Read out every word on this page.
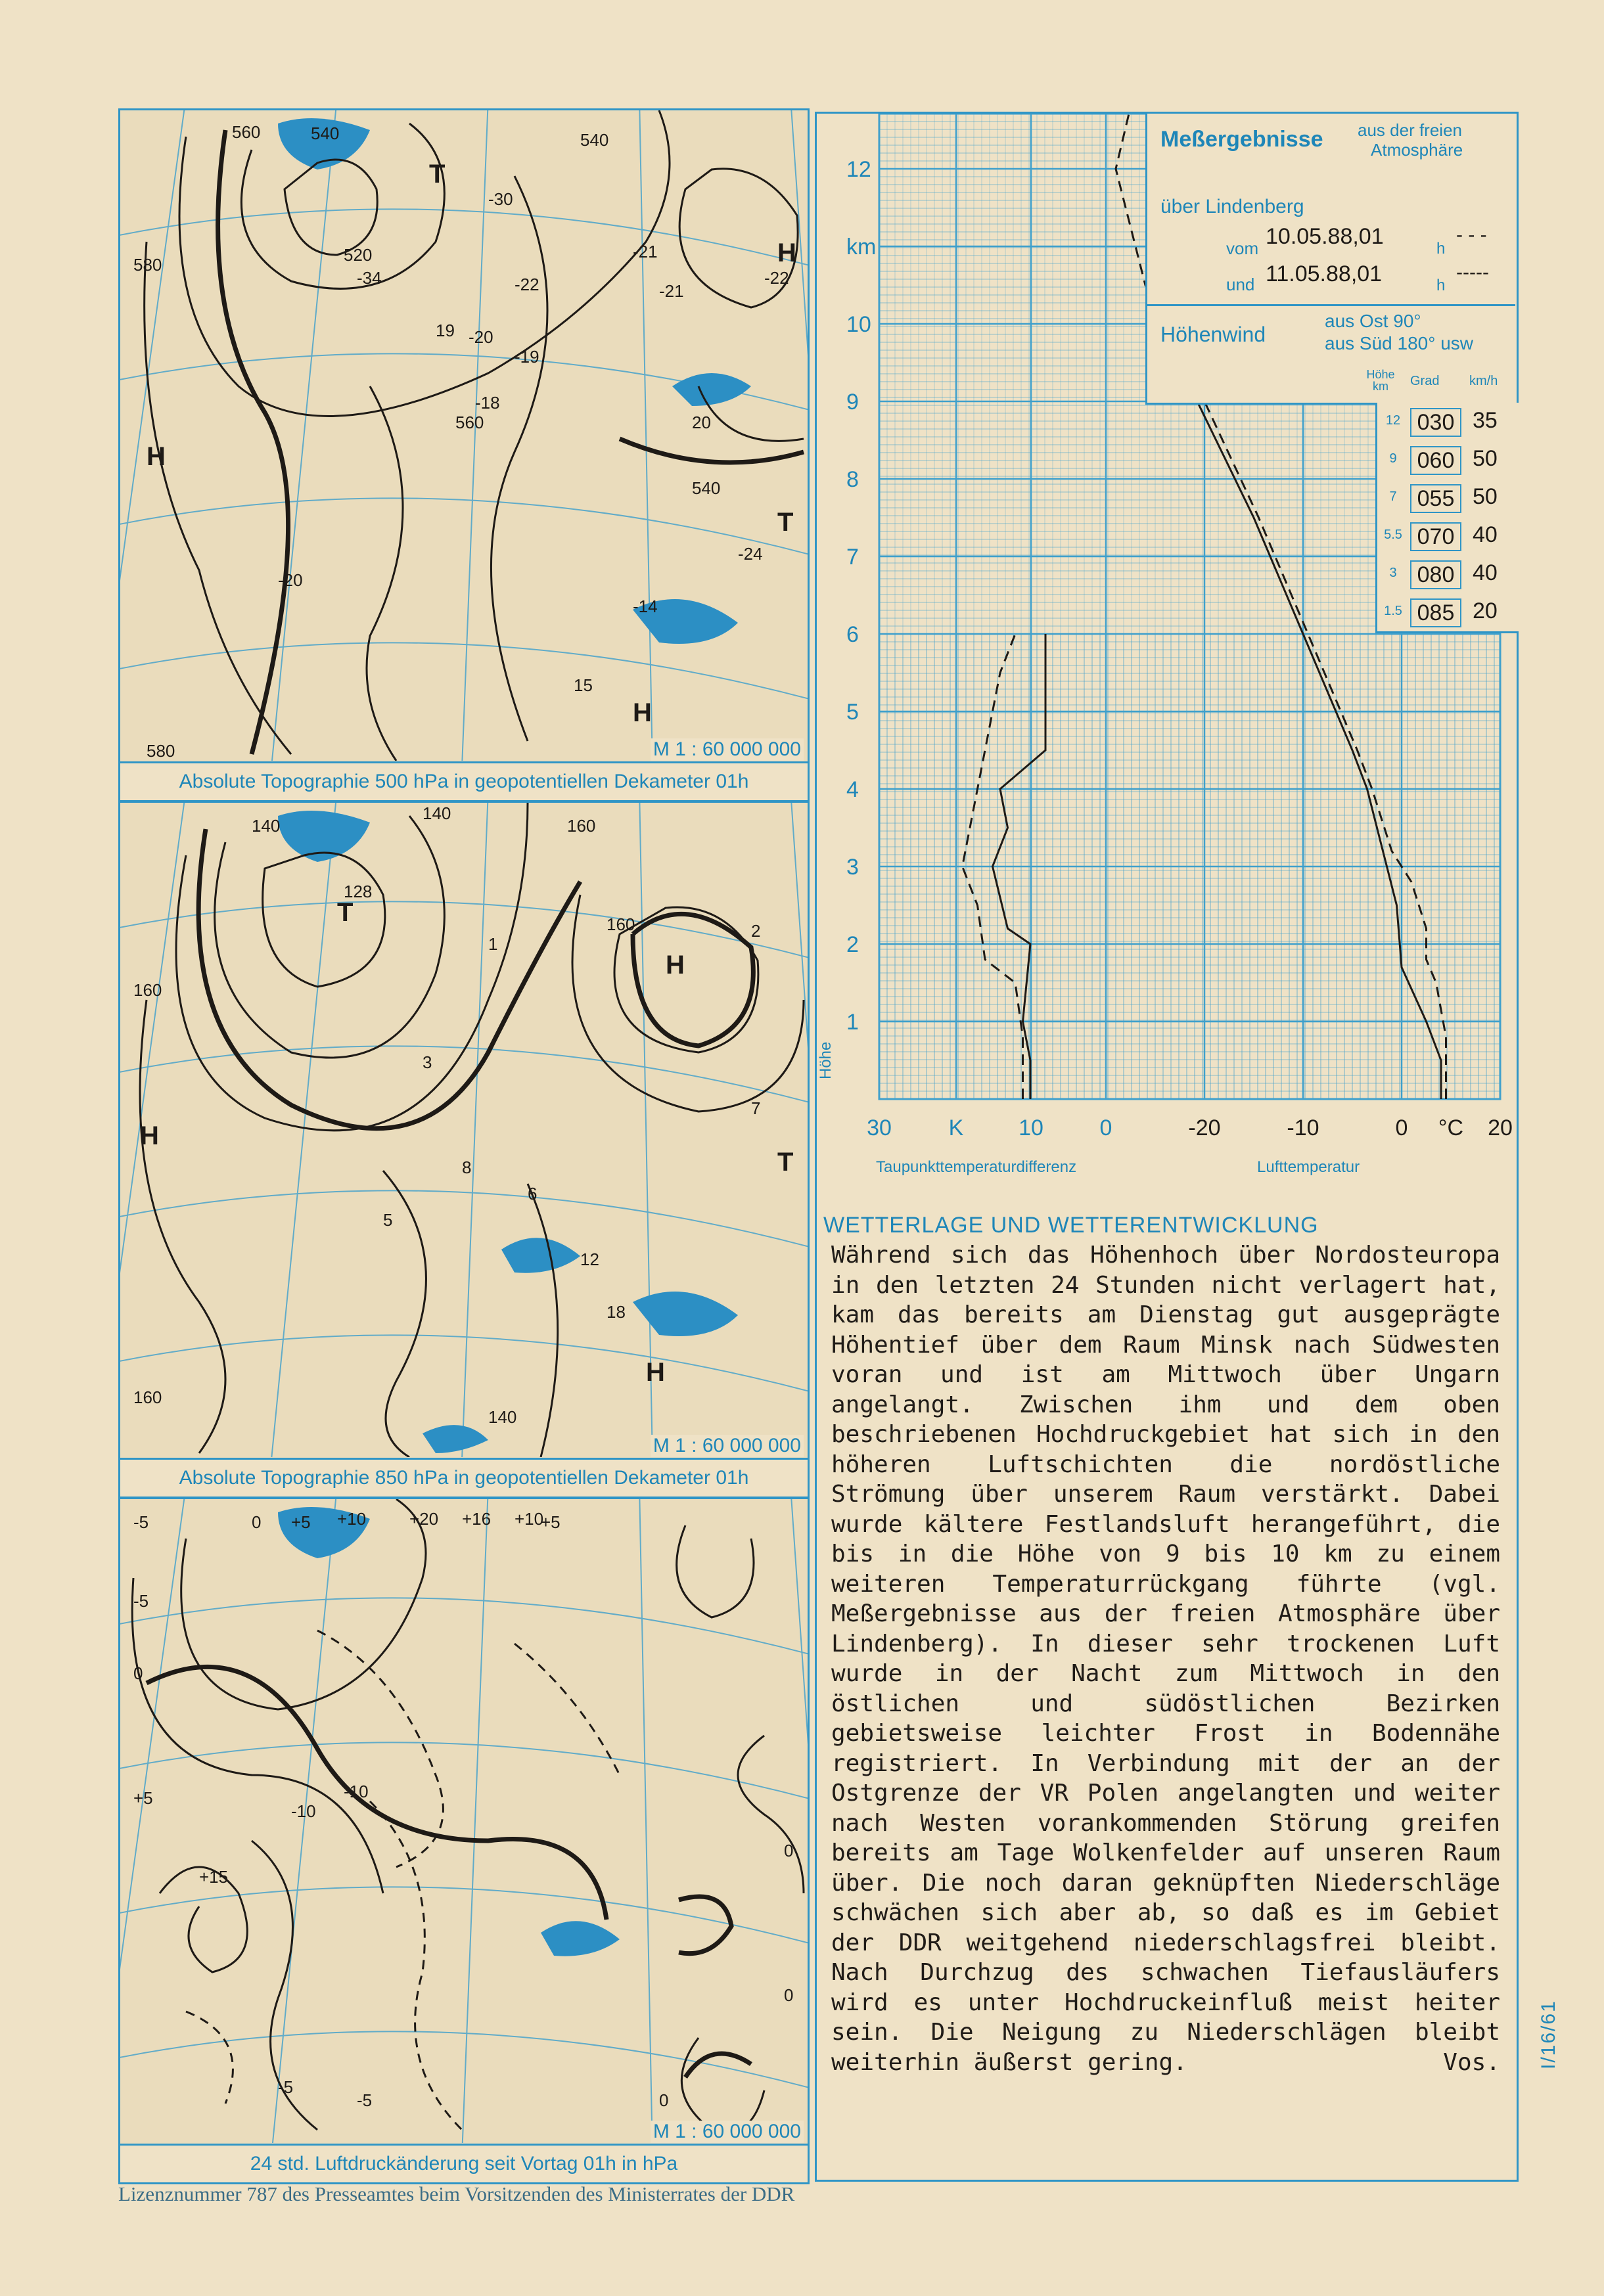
560	540	540
520
580
580
560
540
-30
-22
-20
-21
-19
-18
-22
-20
-24
-14
-34
-21
19
20
15
T
H
H
T
H
M 1 : 60 000 000
Absolute Topographie 500 hPa in geopotentiellen Dekameter 01h
140	160
128
140
160
160
160
140
1
3
5
8
6
12
18
2
7
T
H
H
T
H
M 1 : 60 000 000
Absolute Topographie 850 hPa in geopotentiellen Dekameter 01h
-5	0 +5 +10	+20 +16 +10
+5
-5
0
-10
+5
+15
-10
-5
-5	0
0
0
M 1 : 60 000 000
24 std. Luftdruckänderung seit Vortag 01h in hPa
12
km
10
9
8
7
6
5
4
3
2
1
30	K 10	0	-20	-10	0 °C 20
Meßergebnisse aus der freien
Atmosphäre
über Lindenberg
vom 10.05.88,01	h
- - -
und 11.05.88,01	h
-----
Höhenwind
aus Ost 90°
aus Süd 180° usw
Höhe km	Grad km/h
12 030 35
9 060 50
7 055 50
5.5 070 40
3 080 40
1.5 085 20
Taupunkttemperaturdifferenz	Lufttemperatur
Höhe
WETTERLAGE UND WETTERENTWICKLUNG
Während sich das Höhenhoch über Nordosteuropa in den letzten 24 Stunden nicht verlagert hat, kam das bereits am Dienstag gut ausgeprägte Höhentief über dem Raum Minsk nach Südwesten voran und ist am Mittwoch über Ungarn angelangt. Zwischen ihm und dem oben beschriebenen Hochdruckgebiet hat sich in den höheren Luftschichten die nordöstliche Strömung über unserem Raum verstärkt. Dabei wurde kältere Festlandsluft herangeführt, die bis in die Höhe von 9 bis 10 km zu einem weiteren Temperaturrückgang führte (vgl. Meßergebnisse aus der freien Atmosphäre über Lindenberg). In dieser sehr trockenen Luft wurde in der Nacht zum Mittwoch in den östlichen und südöstlichen Bezirken gebietsweise leichter Frost in Bodennähe registriert. In Verbindung mit der an der Ostgrenze der VR Polen angelangten und weiter nach Westen vorankommenden Störung greifen bereits am Tage Wolkenfelder auf unseren Raum über. Die noch daran geknüpften Niederschläge schwächen sich aber ab, so daß es im Gebiet der DDR weitgehend niederschlagsfrei bleibt. Nach Durchzug des schwachen Tiefausläufers wird es unter Hochdruckeinfluß meist heiter sein. Die Neigung zu Niederschlägen bleibt weiterhin äußerst gering.	Vos.
Lizenznummer 787 des Presseamtes beim Vorsitzenden des Ministerrates der DDR
I/16/61
